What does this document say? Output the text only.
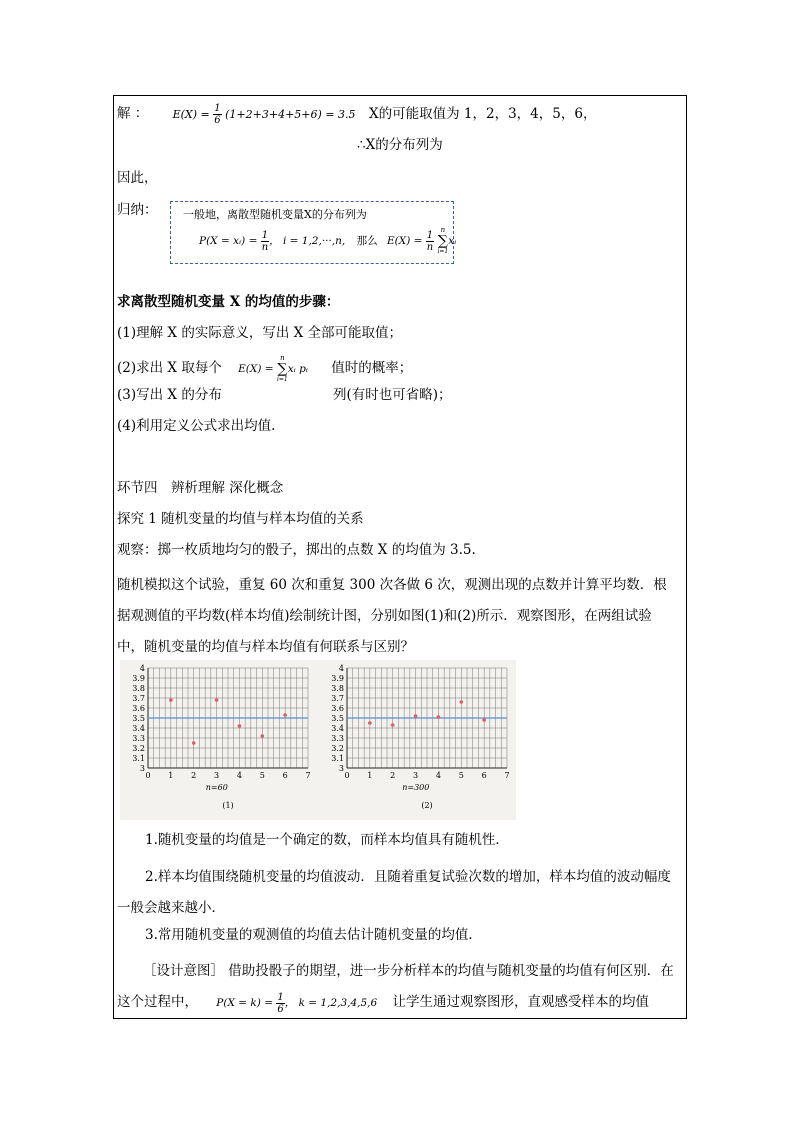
解 ： $E(X) = \frac{1}{6} (1+2+3+4+5+6) = 3.5$ X的可能取值为 1，2，3，4，5，6，
∴X的分布列为
因此，
归纳： 一般地，离散型随机变量X的分布列为
P(X = xᵢ) = $\frac{1}{n}$ ， i = 1,2,···,n, 那么 $E(X) = \frac{1}{n}$
n
∑
i=1
xᵢ
求离散型随机变量 X 的均值的步骤：
(1)理解 X 的实际意义，写出 X 全部可能取值；
(2)求出 X 取每个 E(X) =
n
∑
i=1
xᵢ pᵢ 值时的概率；
(3)写出 X 的分布	列(有时也可省略)；
(4)利用定义公式求出均值.
环节四　辨析理解 深化概念
探究 1 随机变量的均值与样本均值的关系
观察：掷一枚质地均匀的骰子，掷出的点数 X 的均值为 3.5.
随机模拟这个试验，重复 60 次和重复 300 次各做 6 次，观测出现的点数并计算平均数．根据观测值的平均数(样本均值)绘制统计图，分别如图(1)和(2)所示．观察图形，在两组试验中，随机变量的均值与样本均值有何联系与区别？
3
3.1
3.2
3.3
3.4
3.5
3.6
3.7
3.8
3.9
4
0 1 2 3 4 5 6 7
n=60
(1)
3
3.1
3.2
3.3
3.4
3.5
3.6
3.7
3.8
3.9
4
0 1 2 3 4 5 6 7
n=300
(2)
1.随机变量的均值是一个确定的数，而样本均值具有随机性．
2.样本均值围绕随机变量的均值波动．且随着重复试验次数的增加，样本均值的波动幅度一般会越来越小．
3.常用随机变量的观测值的均值去估计随机变量的均值．
［设计意图］ 借助投骰子的期望，进一步分析样本的均值与随机变量的均值有何区别．在这个过程中， $P(X = k) = \frac{1}{6}$ ， k = 1,2,3,4,5,6 让学生通过观察图形，直观感受样本的均值
